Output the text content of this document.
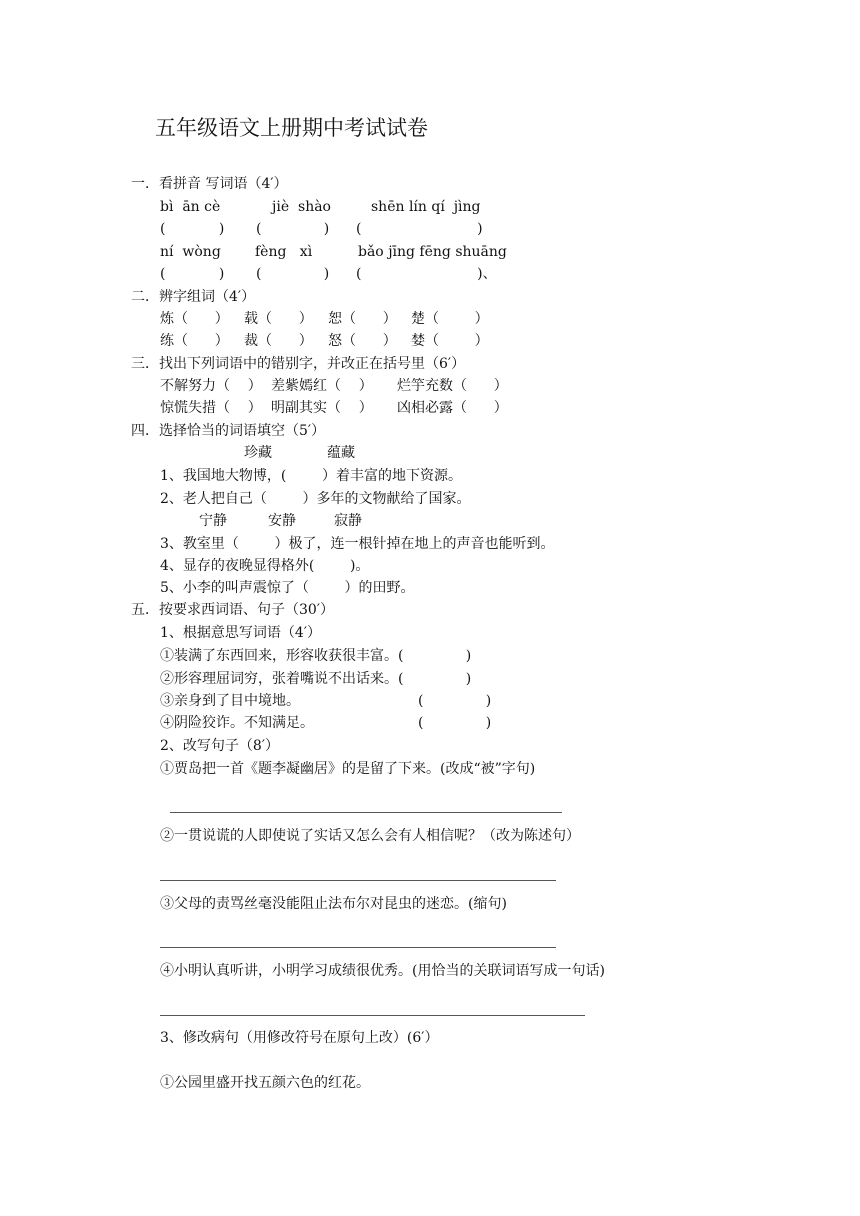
五年级语文上册期中考试试卷
一．看拼音 写词语（4′）
bì  ān cè	jiè  shào	shēn lín qí  jìng
(            ) (              ) (                          )
ní  wòng fèng   xì	bǎo jīng fēng shuāng
(            ) (              ) (                          )、
二．辨字组词（4′）
炼（      ） 载（      ） 恕（      ） 楚（        ）
练（      ） 裁（      ） 怒（      ） 婪（        ）
三．找出下列词语中的错别字，并改正在括号里（6′）
不解努力（    ） 差紫嫣红（    ） 烂竽充数（      ）
惊慌失措（    ） 明副其实（    ） 凶相必露（      ）
四．选择恰当的词语填空（5′）
珍藏	蕴藏
1、我国地大物博，(        ）着丰富的地下资源。
2、老人把自己（        ）多年的文物献给了国家。
宁静	安静	寂静
3、教室里（        ）极了，连一根针掉在地上的声音也能听到。
4、显存的夜晚显得格外(        )。
5、小李的叫声震惊了（        ）的田野。
五．按要求西词语、句子（30′）
1、根据意思写词语（4′）
①装满了东西回来，形容收获很丰富。(              )
②形容理屈词穷，张着嘴说不出话来。(              )
③亲身到了目中境地。	(              )
④阴险狡诈。不知满足。	(              )
2、改写句子（8′）
①贾岛把一首《题李凝幽居》的是留了下来。(改成“被”字句)
②一贯说谎的人即使说了实话又怎么会有人相信呢？（改为陈述句）
③父母的责骂丝毫没能阻止法布尔对昆虫的迷恋。(缩句)
④小明认真听讲，小明学习成绩很优秀。(用恰当的关联词语写成一句话)
3、修改病句（用修改符号在原句上改）(6′）
①公园里盛开找五颜六色的红花。
